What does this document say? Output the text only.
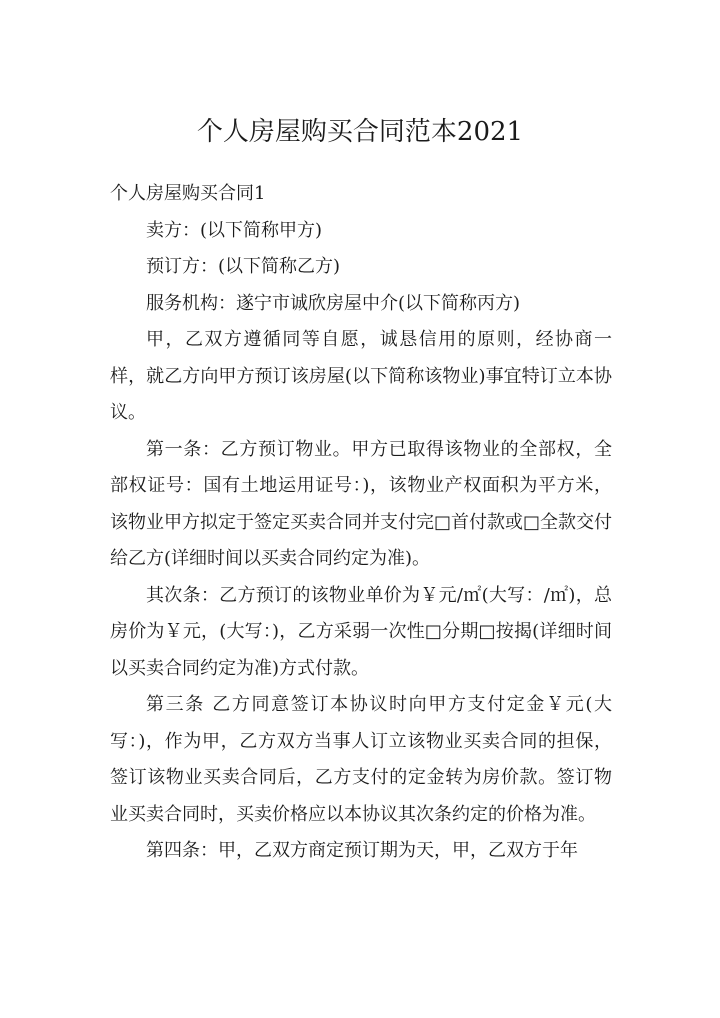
个人房屋购买合同范本2021

个人房屋购买合同1

卖方：(以下简称甲方)

预订方：(以下简称乙方)

服务机构：遂宁市诚欣房屋中介(以下简称丙方)

甲，乙双方遵循同等自愿，诚恳信用的原则，经协商一样，就乙方向甲方预订该房屋(以下简称该物业)事宜特订立本协议。

第一条：乙方预订物业。甲方已取得该物业的全部权，全部权证号：国有土地运用证号：)，该物业产权面积为平方米，该物业甲方拟定于签定买卖合同并支付完□首付款或□全款交付给乙方(详细时间以买卖合同约定为准)。

其次条：乙方预订的该物业单价为￥元/㎡(大写：/㎡)，总房价为￥元，(大写：)，乙方采弱一次性□分期□按揭(详细时间以买卖合同约定为准)方式付款。

第三条 乙方同意签订本协议时向甲方支付定金￥元(大写：)，作为甲，乙方双方当事人订立该物业买卖合同的担保，签订该物业买卖合同后，乙方支付的定金转为房价款。签订物业买卖合同时，买卖价格应以本协议其次条约定的价格为准。

第四条：甲，乙双方商定预订期为天，甲，乙双方于年
